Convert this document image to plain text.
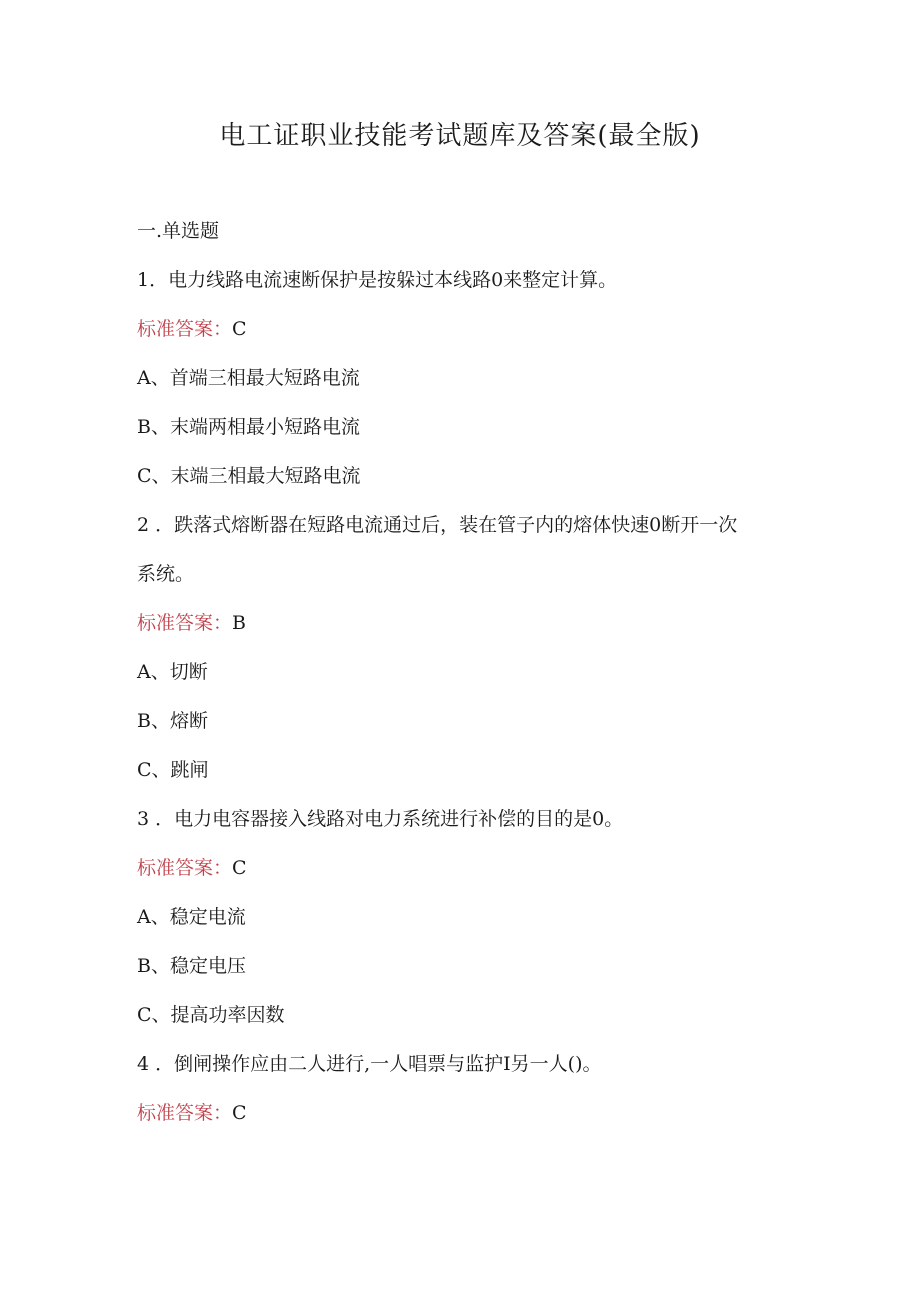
电工证职业技能考试题库及答案(最全版)
一.单选题
1．电力线路电流速断保护是按躲过本线路0来整定计算。
标准答案：C
A、首端三相最大短路电流
B、末端两相最小短路电流
C、末端三相最大短路电流
2 ．跌落式熔断器在短路电流通过后，装在管子内的熔体快速0断开一次
系统。
标准答案：B
A、切断
B、熔断
C、跳闸
3 ．电力电容器接入线路对电力系统进行补偿的目的是0。
标准答案：C
A、稳定电流
B、稳定电压
C、提高功率因数
4 ．倒闸操作应由二人进行,一人唱票与监护I另一人()。
标准答案：C
